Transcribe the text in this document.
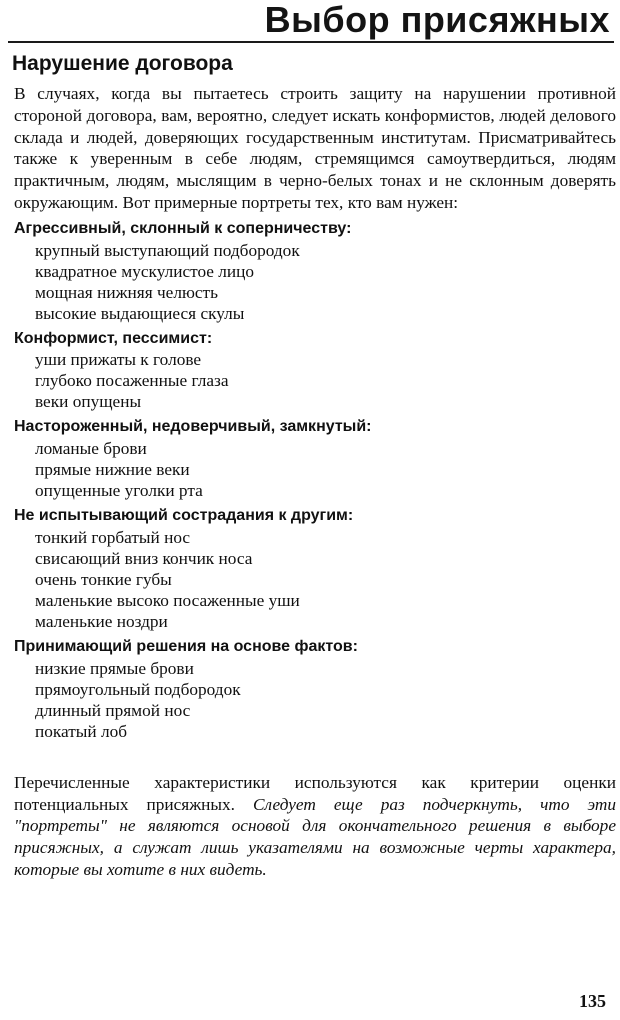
Выбор присяжных
Нарушение договора

В случаях, когда вы пытаетесь строить защиту на нарушении противной стороной договора, вам, вероятно, следует искать конформистов, людей делового склада и людей, доверяющих государственным институтам. Присматривайтесь также к уверенным в себе людям, стремящимся самоутвердиться, людям практичным, людям, мыслящим в черно-белых тонах и не склонным доверять окружающим. Вот примерные портреты тех, кто вам нужен:

Агрессивный, склонный к соперничеству:
крупный выступающий подбородок
квадратное мускулистое лицо
мощная нижняя челюсть
высокие выдающиеся скулы
Конформист, пессимист:
уши прижаты к голове
глубоко посаженные глаза
веки опущены
Настороженный, недоверчивый, замкнутый:
ломаные брови
прямые нижние веки
опущенные уголки рта
Не испытывающий сострадания к другим:
тонкий горбатый нос
свисающий вниз кончик носа
очень тонкие губы
маленькие высоко посаженные уши
маленькие ноздри
Принимающий решения на основе фактов:
низкие прямые брови
прямоугольный подбородок
длинный прямой нос
покатый лоб

Перечисленные характеристики используются как критерии оценки потенциальных присяжных. Следует еще раз подчеркнуть, что эти "портреты" не являются основой для окончательного решения в выборе присяжных, а служат лишь указателями на возможные черты характера, которые вы хотите в них видеть.

135
